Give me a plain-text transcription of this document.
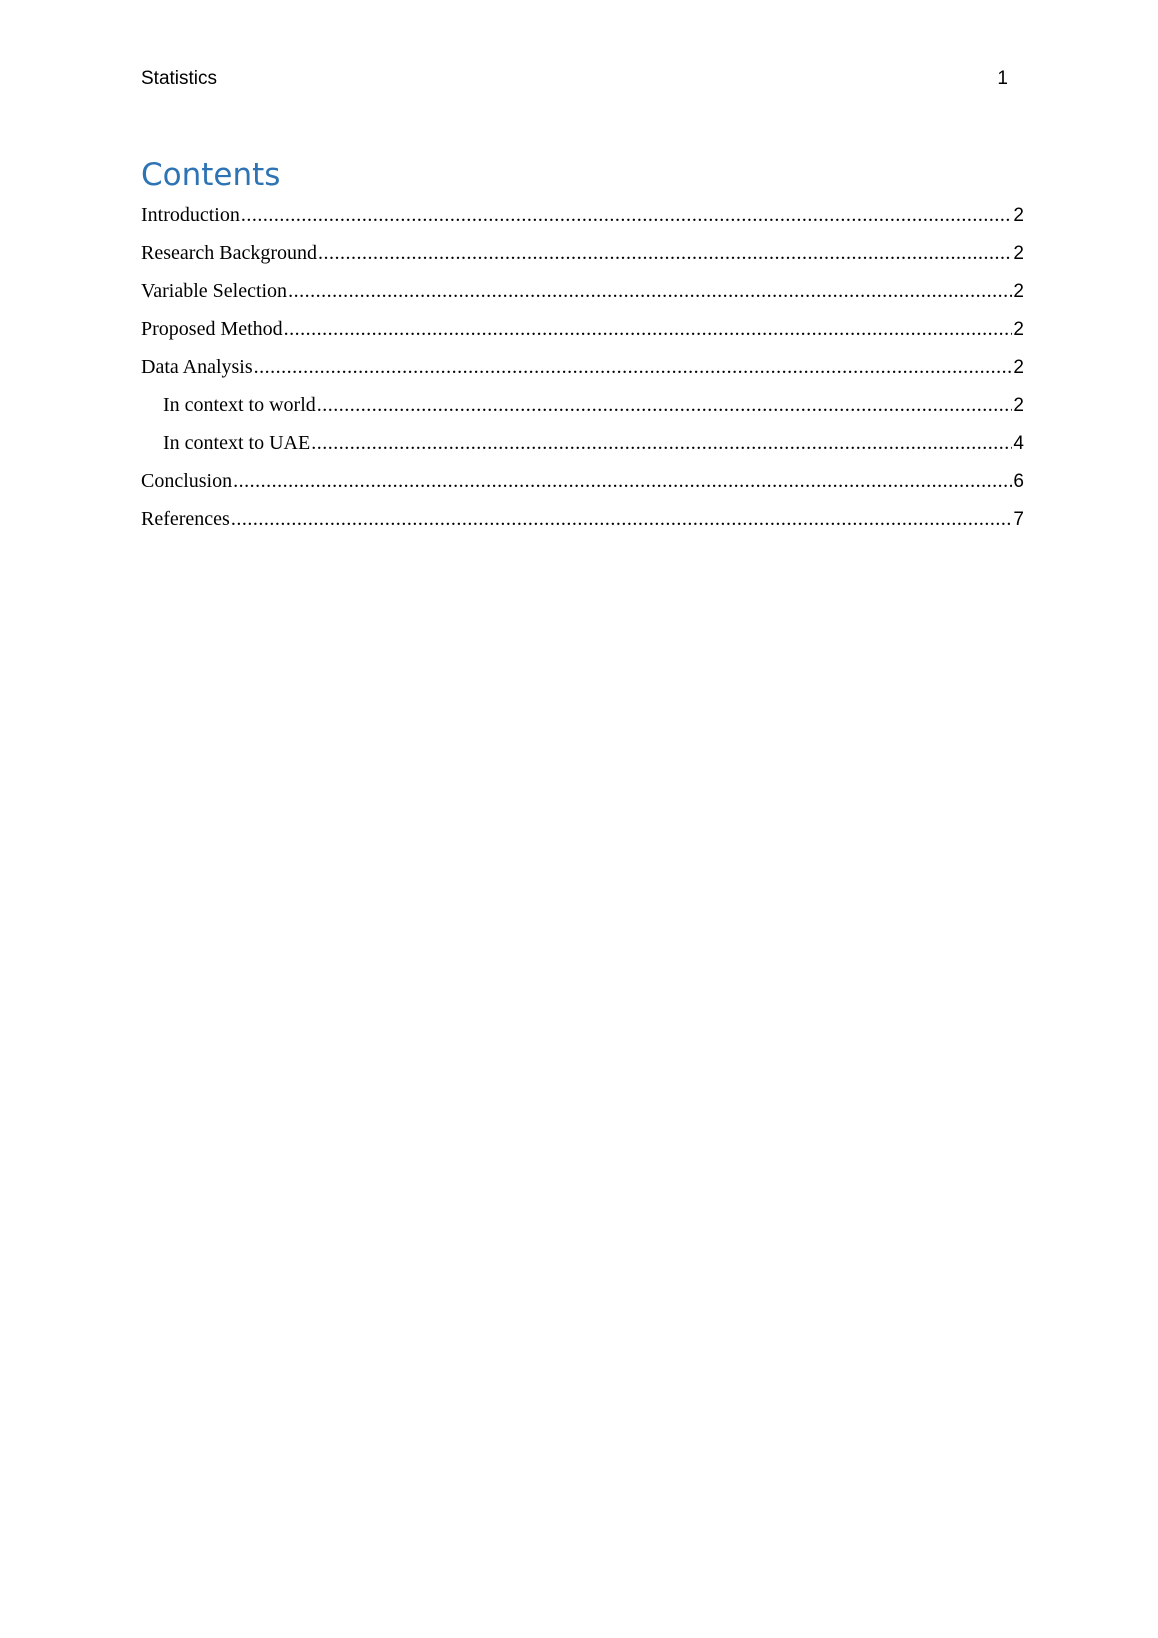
Statistics	1
Contents
Introduction .....	2
Research Background .....	2
Variable Selection .....	2
Proposed Method .....	2
Data Analysis .....	2
In context to world .....	2
In context to UAE .....	4
Conclusion .....	6
References .....	7
